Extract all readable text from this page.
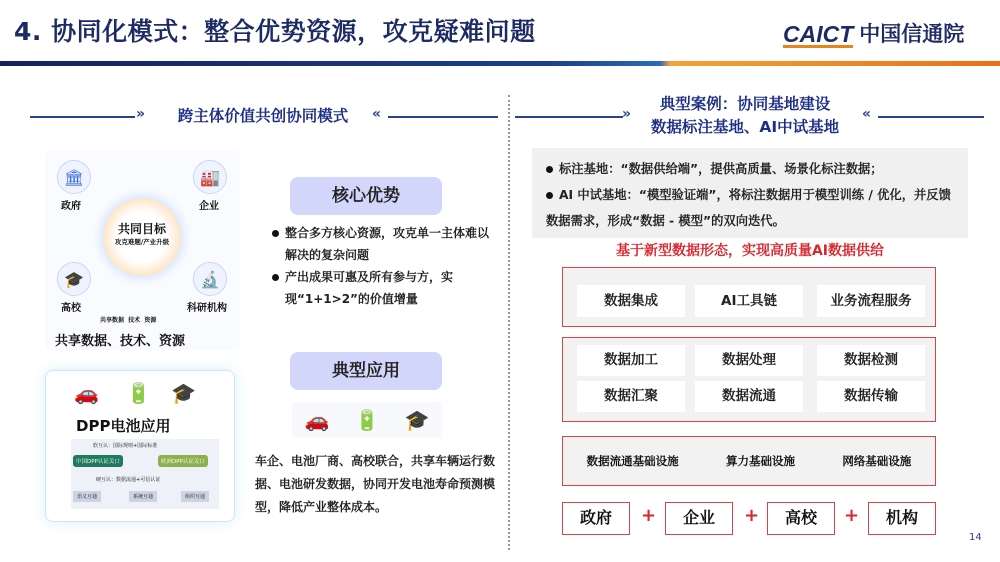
4. 协同化模式：整合优势资源，攻克疑难问题	CAICT 中国信通院
»	跨主体价值共创协同模式	«
共同目标
攻克难题/产业升级
🏛
政府
🏭
企业
🔬
科研机构
🎓
高校
共享数据  技术  资源
共享数据、技术、资源
🚗 🔋 🎓
DPP电池应用
软互认：国际规则+国际标准
中国DPP认证关口	欧洲DPP认证关口
硬互认：数据流通+可信认证
语义互通	系统互通	组织互通
核心优势
整合多方核心资源，攻克单一主体难以解决的复杂问题
产出成果可惠及所有参与方，实现“1+1>2”的价值增量
典型应用
🚗 🔋 🎓
车企、电池厂商、高校联合，共享车辆运行数据、电池研发数据，协同开发电池寿命预测模型，降低产业整体成本。
»
典型案例：协同基地建设
数据标注基地、AI中试基地
«
标注基地：“数据供给端”，提供高质量、场景化标注数据；
AI 中试基地：“模型验证端”，将标注数据用于模型训练 / 优化，并反馈数据需求，形成“数据 - 模型”的双向迭代。
基于新型数据形态，实现高质量AI数据供给
数据集成	AI工具链	业务流程服务
数据加工	数据处理	数据检测
数据汇聚	数据流通	数据传输
数据流通基础设施	算力基础设施	网络基础设施
政府	+	企业	+	高校	+	机构
14
